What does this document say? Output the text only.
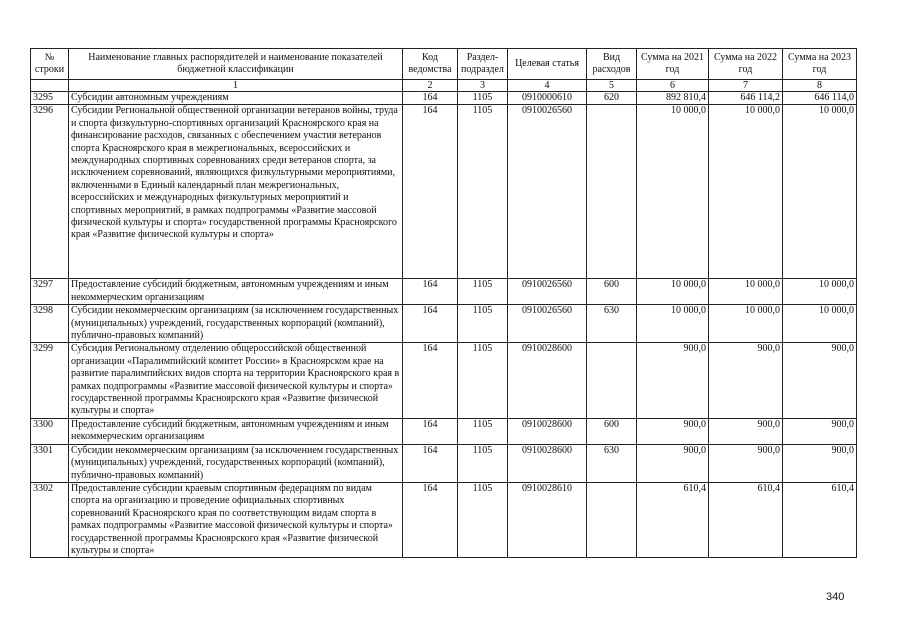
№ строки	Наименование главных распорядителей и наименование показателей бюджетной классификации	Код ведомства	Раздел-подраздел	Целевая статья	Вид расходов	Сумма на 2021 год	Сумма на 2022 год	Сумма на 2023 год
	1	2	3	4	5	6	7	8
3295	Субсидии автономным учреждениям	164	1105	0910000610	620	892 810,4	646 114,2	646 114,0
3296	Субсидии Региональной общественной организации ветеранов войны, труда и спорта физкультурно-спортивных организаций Красноярского края на финансирование расходов, связанных с обеспечением участия ветеранов спорта Красноярского края в межрегиональных, всероссийских и международных спортивных соревнованиях среди ветеранов спорта, за исключением соревнований, являющихся физкультурными мероприятиями, включенными в Единый календарный план межрегиональных, всероссийских и международных физкультурных мероприятий и спортивных мероприятий, в рамках подпрограммы «Развитие массовой физической культуры и спорта» государственной программы Красноярского края «Развитие физической культуры и спорта»	164	1105	0910026560		10 000,0	10 000,0	10 000,0
3297	Предоставление субсидий бюджетным, автономным учреждениям и иным некоммерческим организациям	164	1105	0910026560	600	10 000,0	10 000,0	10 000,0
3298	Субсидии некоммерческим организациям (за исключением государственных (муниципальных) учреждений, государственных корпораций (компаний), публично-правовых компаний)	164	1105	0910026560	630	10 000,0	10 000,0	10 000,0
3299	Субсидия Региональному отделению общероссийской общественной организации «Паралимпийский комитет России» в Красноярском крае на развитие паралимпийских видов спорта на территории Красноярского края в рамках подпрограммы «Развитие массовой физической культуры и спорта» государственной программы Красноярского края «Развитие физической культуры и спорта»	164	1105	0910028600		900,0	900,0	900,0
3300	Предоставление субсидий бюджетным, автономным учреждениям и иным некоммерческим организациям	164	1105	0910028600	600	900,0	900,0	900,0
3301	Субсидии некоммерческим организациям (за исключением государственных (муниципальных) учреждений, государственных корпораций (компаний), публично-правовых компаний)	164	1105	0910028600	630	900,0	900,0	900,0
3302	Предоставление субсидии краевым спортивным федерациям по видам спорта на организацию и проведение официальных спортивных соревнований Красноярского края по соответствующим видам спорта в рамках подпрограммы «Развитие массовой физической культуры и спорта» государственной программы Красноярского края «Развитие физической культуры и спорта»	164	1105	0910028610		610,4	610,4	610,4
340
